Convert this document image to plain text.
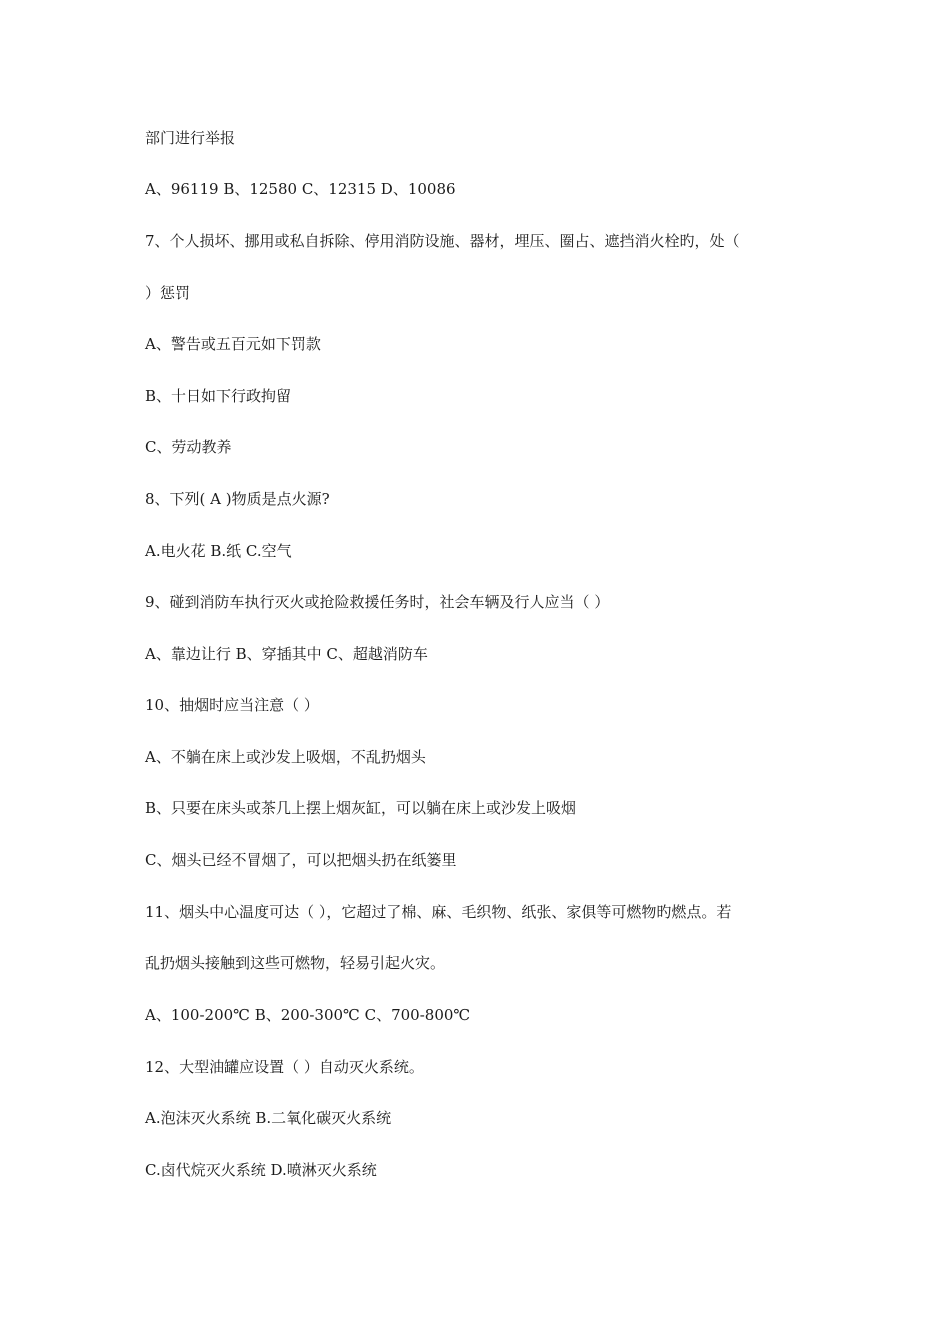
部门进行举报
A、96119 B、12580 C、12315 D、10086
7、个人损坏、挪用或私自拆除、停用消防设施、器材，埋压、圈占、遮挡消火栓旳，处（
）惩罚
A、警告或五百元如下罚款
B、十日如下行政拘留
C、劳动教养
8、下列( A )物质是点火源?
A.电火花 B.纸 C.空气
9、碰到消防车执行灭火或抢险救援任务时，社会车辆及行人应当（ ）
A、靠边让行 B、穿插其中 C、超越消防车
10、抽烟时应当注意（ ）
A、不躺在床上或沙发上吸烟，不乱扔烟头
B、只要在床头或茶几上摆上烟灰缸，可以躺在床上或沙发上吸烟
C、烟头已经不冒烟了，可以把烟头扔在纸篓里
11、烟头中心温度可达（ ），它超过了棉、麻、毛织物、纸张、家俱等可燃物旳燃点。若
乱扔烟头接触到这些可燃物，轻易引起火灾。
A、100-200℃ B、200-300℃ C、700-800℃
12、大型油罐应设置（ ）自动灭火系统。
A.泡沫灭火系统 B.二氧化碳灭火系统
C.卤代烷灭火系统 D.喷淋灭火系统
